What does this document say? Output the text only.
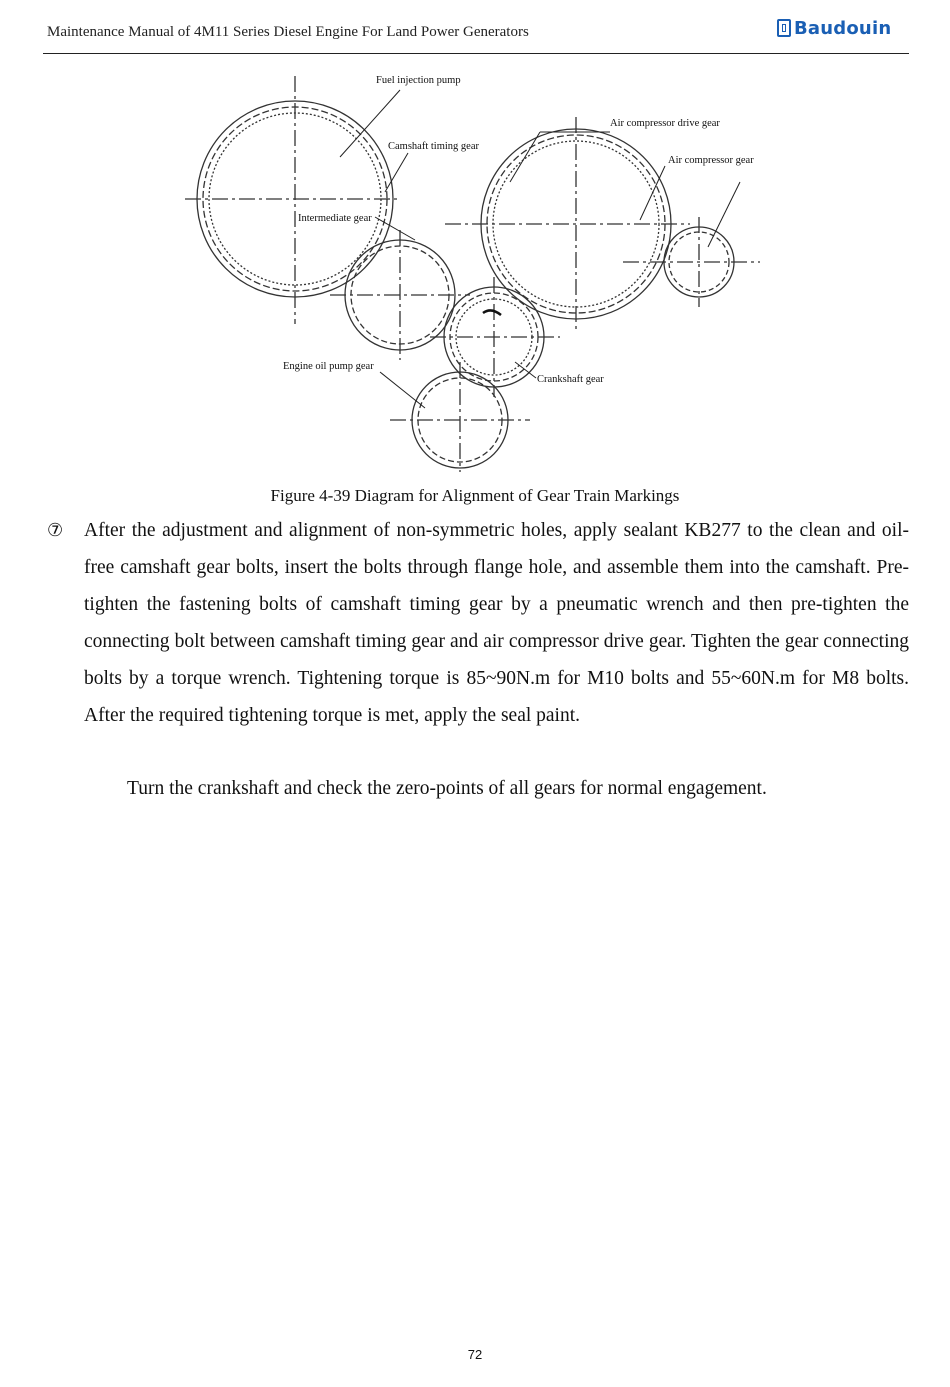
Maintenance Manual of 4M11 Series Diesel Engine For Land Power Generators	Baudouin
Fuel injection pump
Air compressor drive gear
Camshaft timing gear
Air compressor gear
Intermediate gear
Engine oil pump gear
Crankshaft gear
Figure 4-39 Diagram for Alignment of Gear Train Markings
⑦	After the adjustment and alignment of non-symmetric holes, apply sealant KB277 to the clean and oil-free camshaft gear bolts, insert the bolts through flange hole, and assemble them into the camshaft. Pre-tighten the fastening bolts of camshaft timing gear by a pneumatic wrench and then pre-tighten the connecting bolt between camshaft timing gear and air compressor drive gear. Tighten the gear connecting bolts by a torque wrench. Tightening torque is 85~90N.m for M10 bolts and 55~60N.m for M8 bolts. After the required tightening torque is met, apply the seal paint.
Turn the crankshaft and check the zero-points of all gears for normal engagement.
72
